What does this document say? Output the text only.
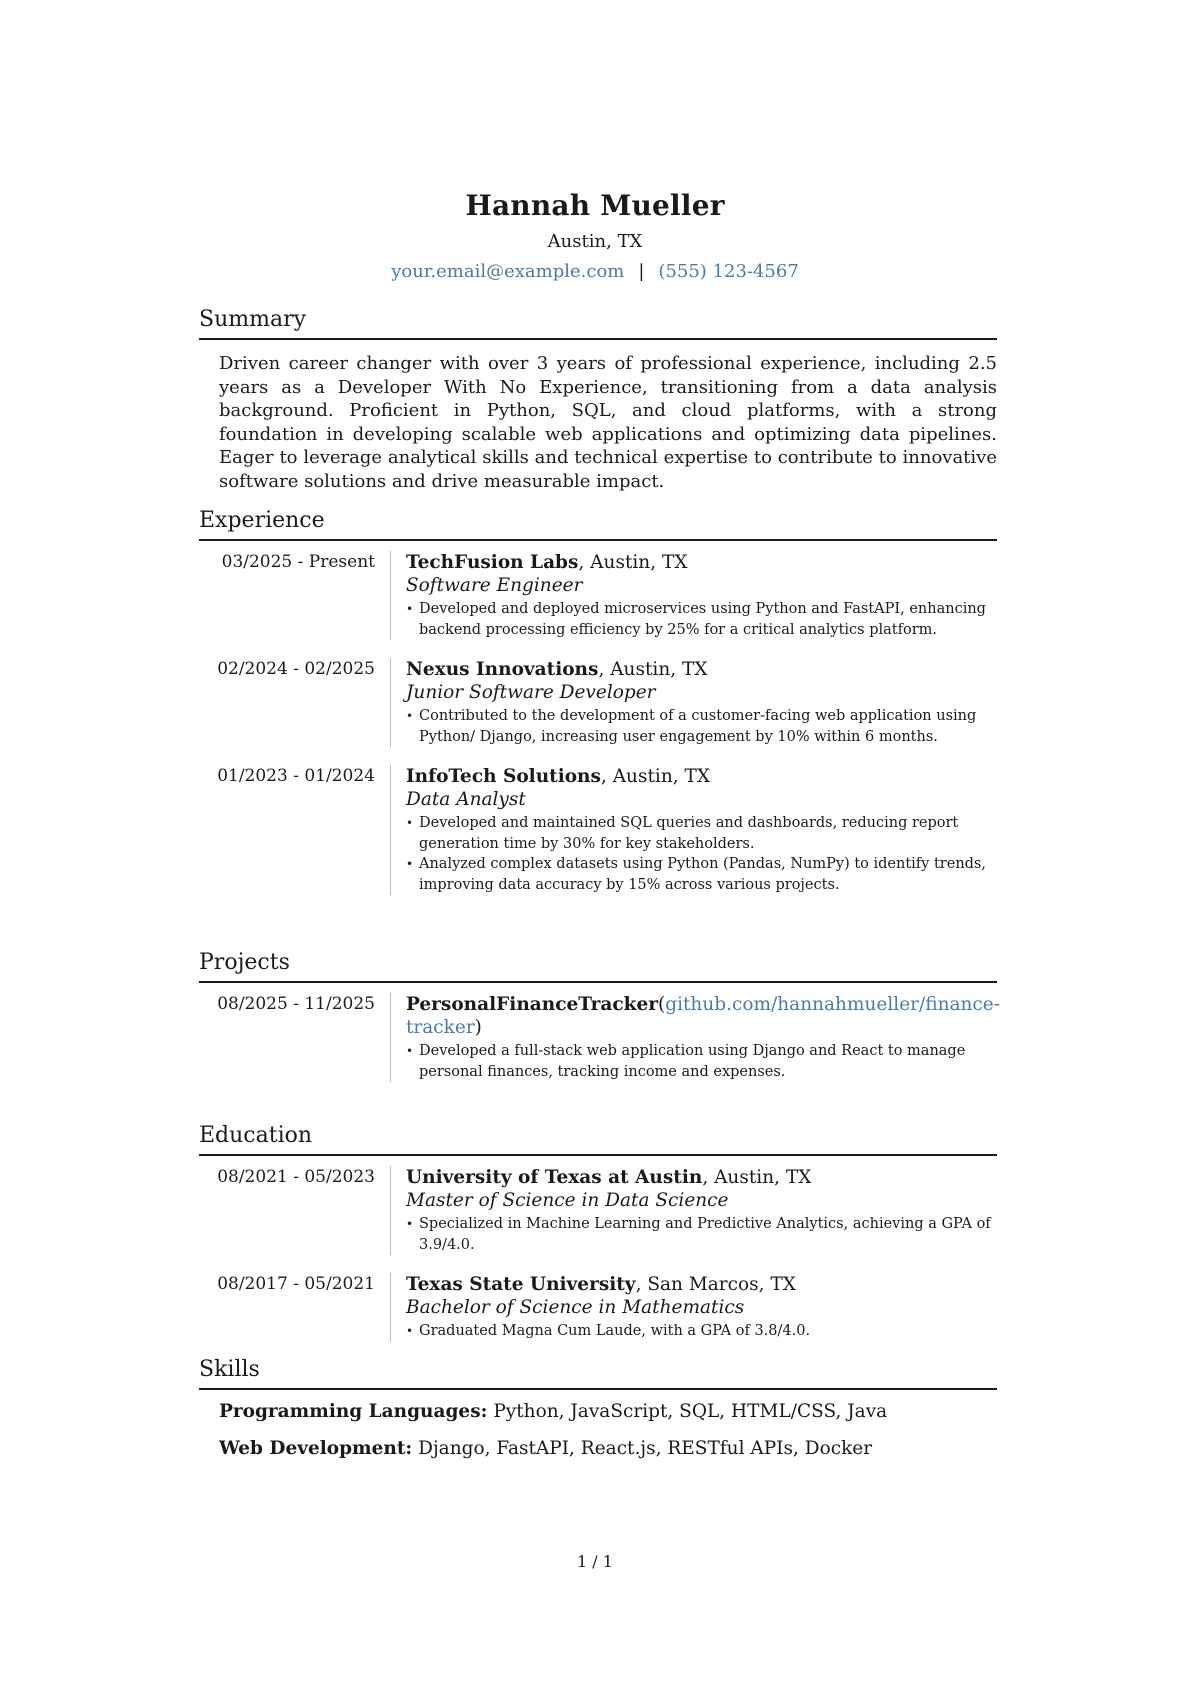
Hannah Mueller
Austin, TX
your.email@example.com | (555) 123-4567
Summary
Driven career changer with over 3 years of professional experience, including 2.5 years as a Developer With No Experience, transitioning from a data analysis background. Proficient in Python, SQL, and cloud platforms, with a strong foundation in developing scalable web applications and optimizing data pipelines. Eager to leverage analytical skills and technical expertise to contribute to innovative software solutions and drive measurable impact.
Experience
03/2025 - Present	TechFusion Labs, Austin, TX
Software Engineer
• Developed and deployed microservices using Python and FastAPI, enhancing backend processing efficiency by 25% for a critical analytics platform.
02/2024 - 02/2025	Nexus Innovations, Austin, TX
Junior Software Developer
• Contributed to the development of a customer-facing web application using Python/ Django, increasing user engagement by 10% within 6 months.
01/2023 - 01/2024	InfoTech Solutions, Austin, TX
Data Analyst
• Developed and maintained SQL queries and dashboards, reducing report generation time by 30% for key stakeholders.
• Analyzed complex datasets using Python (Pandas, NumPy) to identify trends, improving data accuracy by 15% across various projects.
Projects
08/2025 - 11/2025	Personal Finance Tracker (github.com/hannahmueller/finance-
tracker)
• Developed a full-stack web application using Django and React to manage personal finances, tracking income and expenses.
Education
08/2021 - 05/2023	University of Texas at Austin, Austin, TX
Master of Science in Data Science
• Specialized in Machine Learning and Predictive Analytics, achieving a GPA of 3.9/4.0.
08/2017 - 05/2021	Texas State University, San Marcos, TX
Bachelor of Science in Mathematics
• Graduated Magna Cum Laude, with a GPA of 3.8/4.0.
Skills
Programming Languages: Python, JavaScript, SQL, HTML/CSS, Java
Web Development: Django, FastAPI, React.js, RESTful APIs, Docker
1 / 1
